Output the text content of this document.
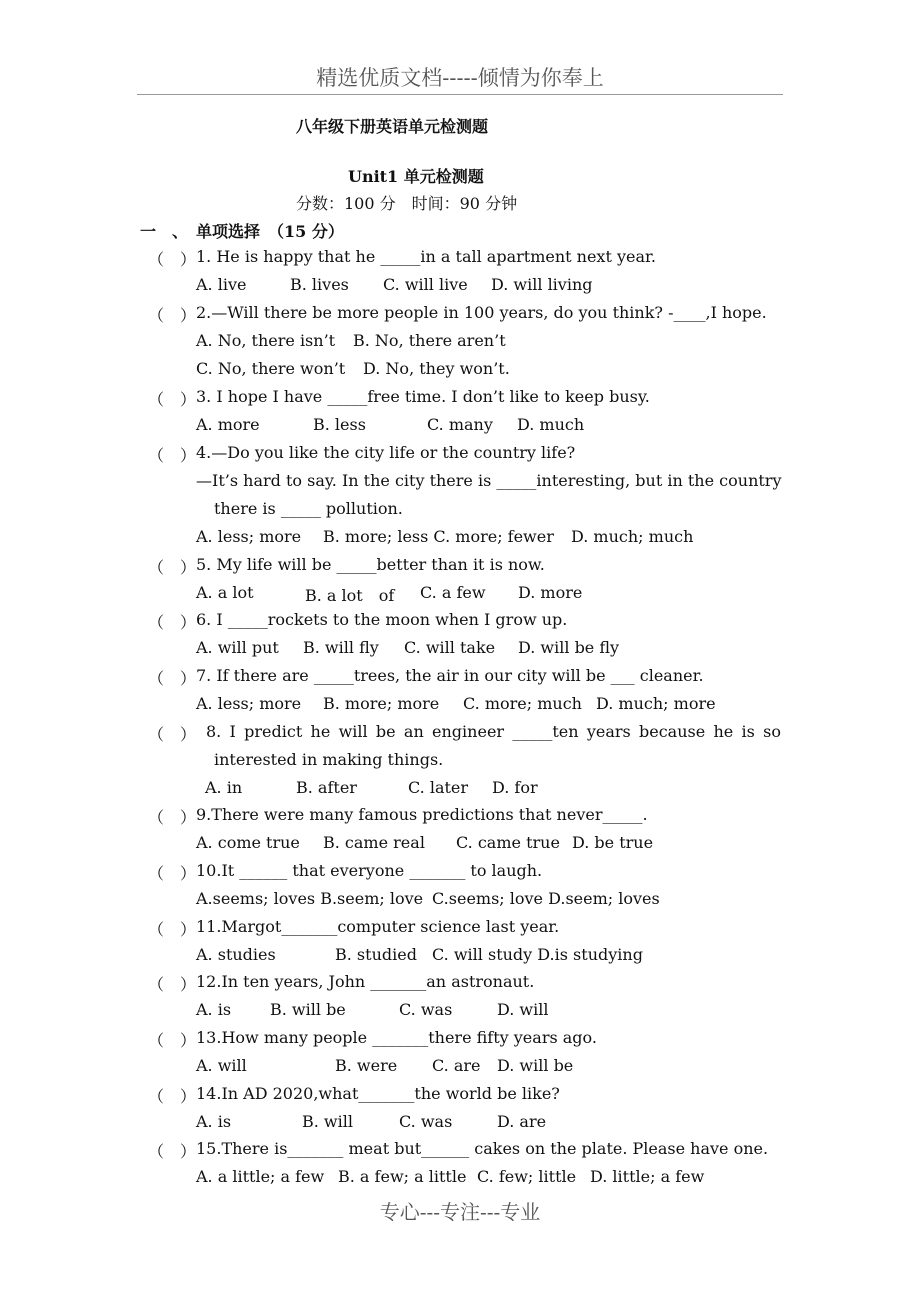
精选优质文档-----倾情为你奉上
八年级下册英语单元检测题
Unit1 单元检测题
分数：100 分　时间：90 分钟
一　、　单项选择　（15 分）
（　） 1. He is happy that he _____in a tall apartment next year.
A. live	B. lives C. will live D. will living
（　） 2.—Will there be more people in 100 years, do you think? -____,I hope.
A. No, there isn’t B. No, there aren’t
C. No, there won’t D. No, they won’t.
（　） 3. I hope I have _____free time. I don’t like to keep busy.
A. more	B. less	C. many D. much
（　） 4.—Do you like the city life or the country life?
—It’s hard to say. In the city there is _____interesting, but in the country
there is _____ pollution.
A. less; more B. more; less C. more; fewer D. much; much
（　） 5. My life will be _____better than it is now.
A. a lot	B. a lot　of C. a few D. more
（　） 6. I _____rockets to the moon when I grow up.
A. will put B. will fly C. will take D. will be fly
（　） 7. If there are _____trees, the air in our city will be ___ cleaner.
A. less; more B. more; more C. more; much D. much; more
（　） 8. I predict he will be an engineer _____ten years because he is so
interested in making things.
A. in	B. after	C. later D. for
（　） 9.There were many famous predictions that never_____.
A. come true B. came real C. came true D. be true
（　） 10.It ______ that everyone _______ to laugh.
A.seems; loves B.seem; love C.seems; love D.seem; loves
（　） 11.Margot_______computer science last year.
A. studies	B. studied C. will study D.is studying
（　） 12.In ten years, John _______an astronaut.
A. is B. will be	C. was	D. will
（　） 13.How many people _______there fifty years ago.
A. will	B. were C. are D. will be
（　） 14.In AD 2020,what_______the world be like?
A. is	B. will	C. was	D. are
（　） 15.There is_______ meat but______ cakes on the plate. Please have one.
A. a little; a few B. a few; a little C. few; little D. little; a few
专心---专注---专业
